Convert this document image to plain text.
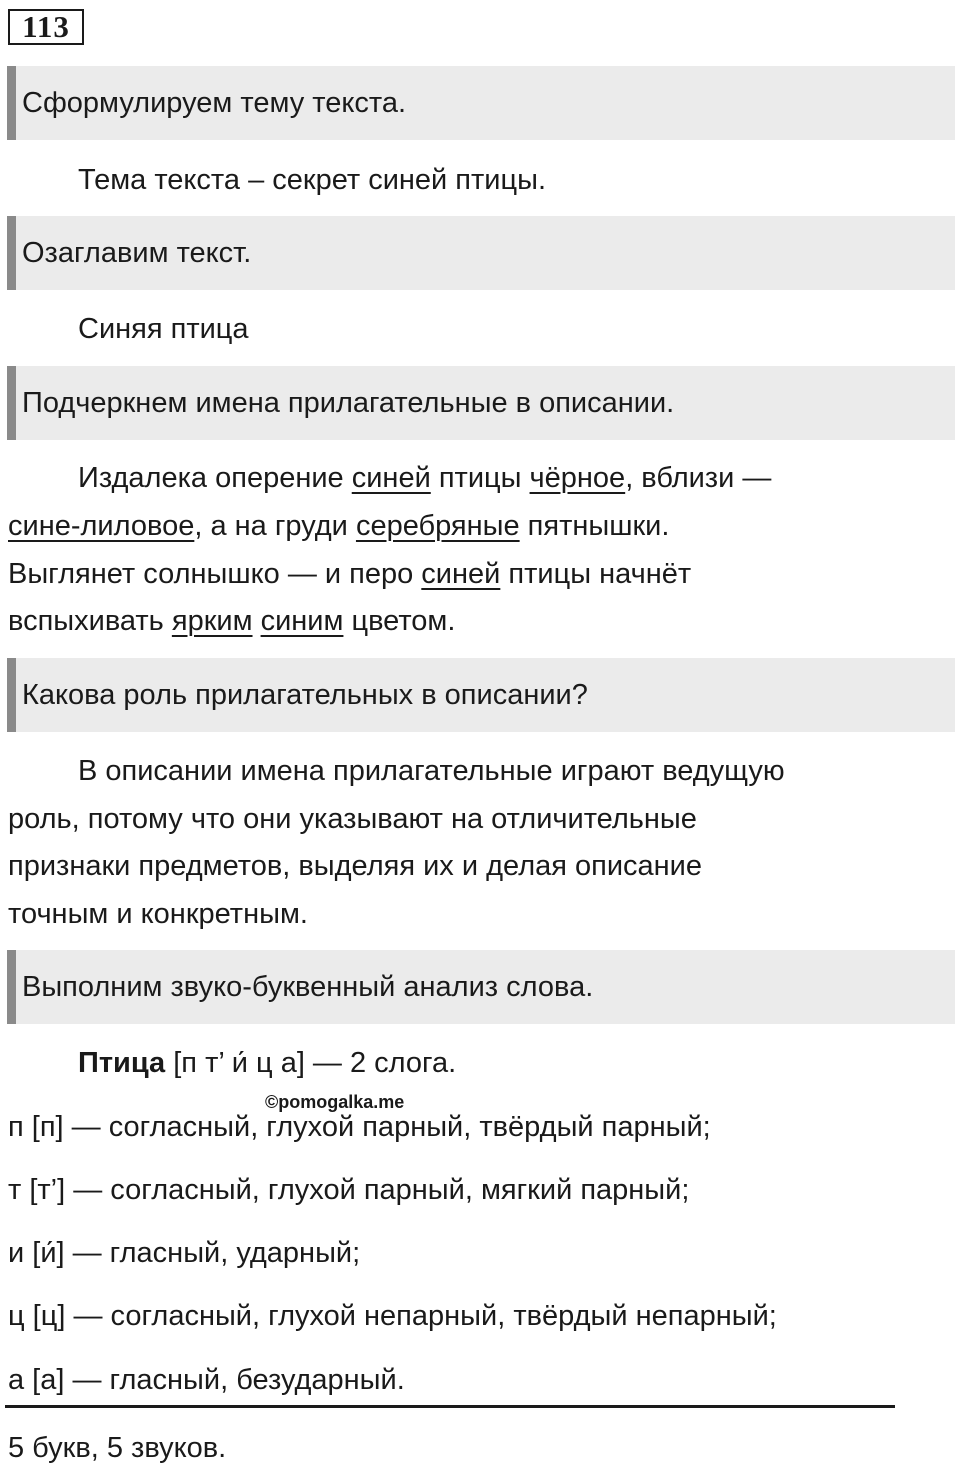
113
Сформулируем тему текста.
Тема текста – секрет синей птицы.
Озаглавим текст.
Синяя птица
Подчеркнем имена прилагательные в описании.
Издалека оперение синей птицы чёрное, вблизи —
сине-лиловое, а на груди серебряные пятнышки.
Выглянет солнышко — и перо синей птицы начнёт
вспыхивать ярким синим цветом.
Какова роль прилагательных в описании?
В описании имена прилагательные играют ведущую
роль, потому что они указывают на отличительные
признаки предметов, выделяя их и делая описание
точным и конкретным.
Выполним звуко-буквенный анализ слова.
Птица [п т’ и́ ц а] — 2 слога.
©pomogalka.me
п [п] — согласный, глухой парный, твёрдый парный;
т [т’] — согласный, глухой парный, мягкий парный;
и [и́] — гласный, ударный;
ц [ц] — согласный, глухой непарный, твёрдый непарный;
а [а] — гласный, безударный.
5 букв, 5 звуков.
